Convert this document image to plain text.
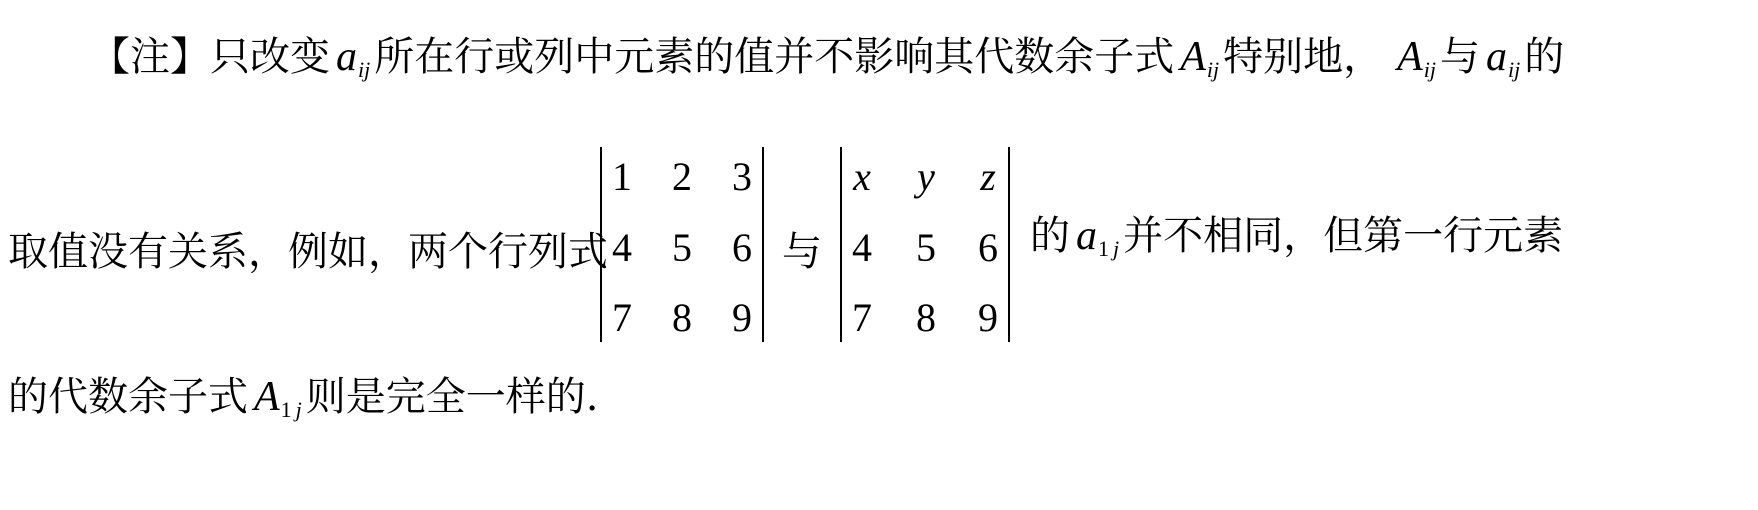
【注】 只改变 a ij 所在行或列中元素的值并不影响其代数余子式 A ij 特别地， A ij 与 a ij 的
取值没有关系，例如，两个行列式
1 2 3
4 5 6
7 8 9
与
x y z
4 5 6
7 8 9
的 a 1 j 并不相同，但第一行元素
的代数余子式 A 1 j 则是完全一样的.
